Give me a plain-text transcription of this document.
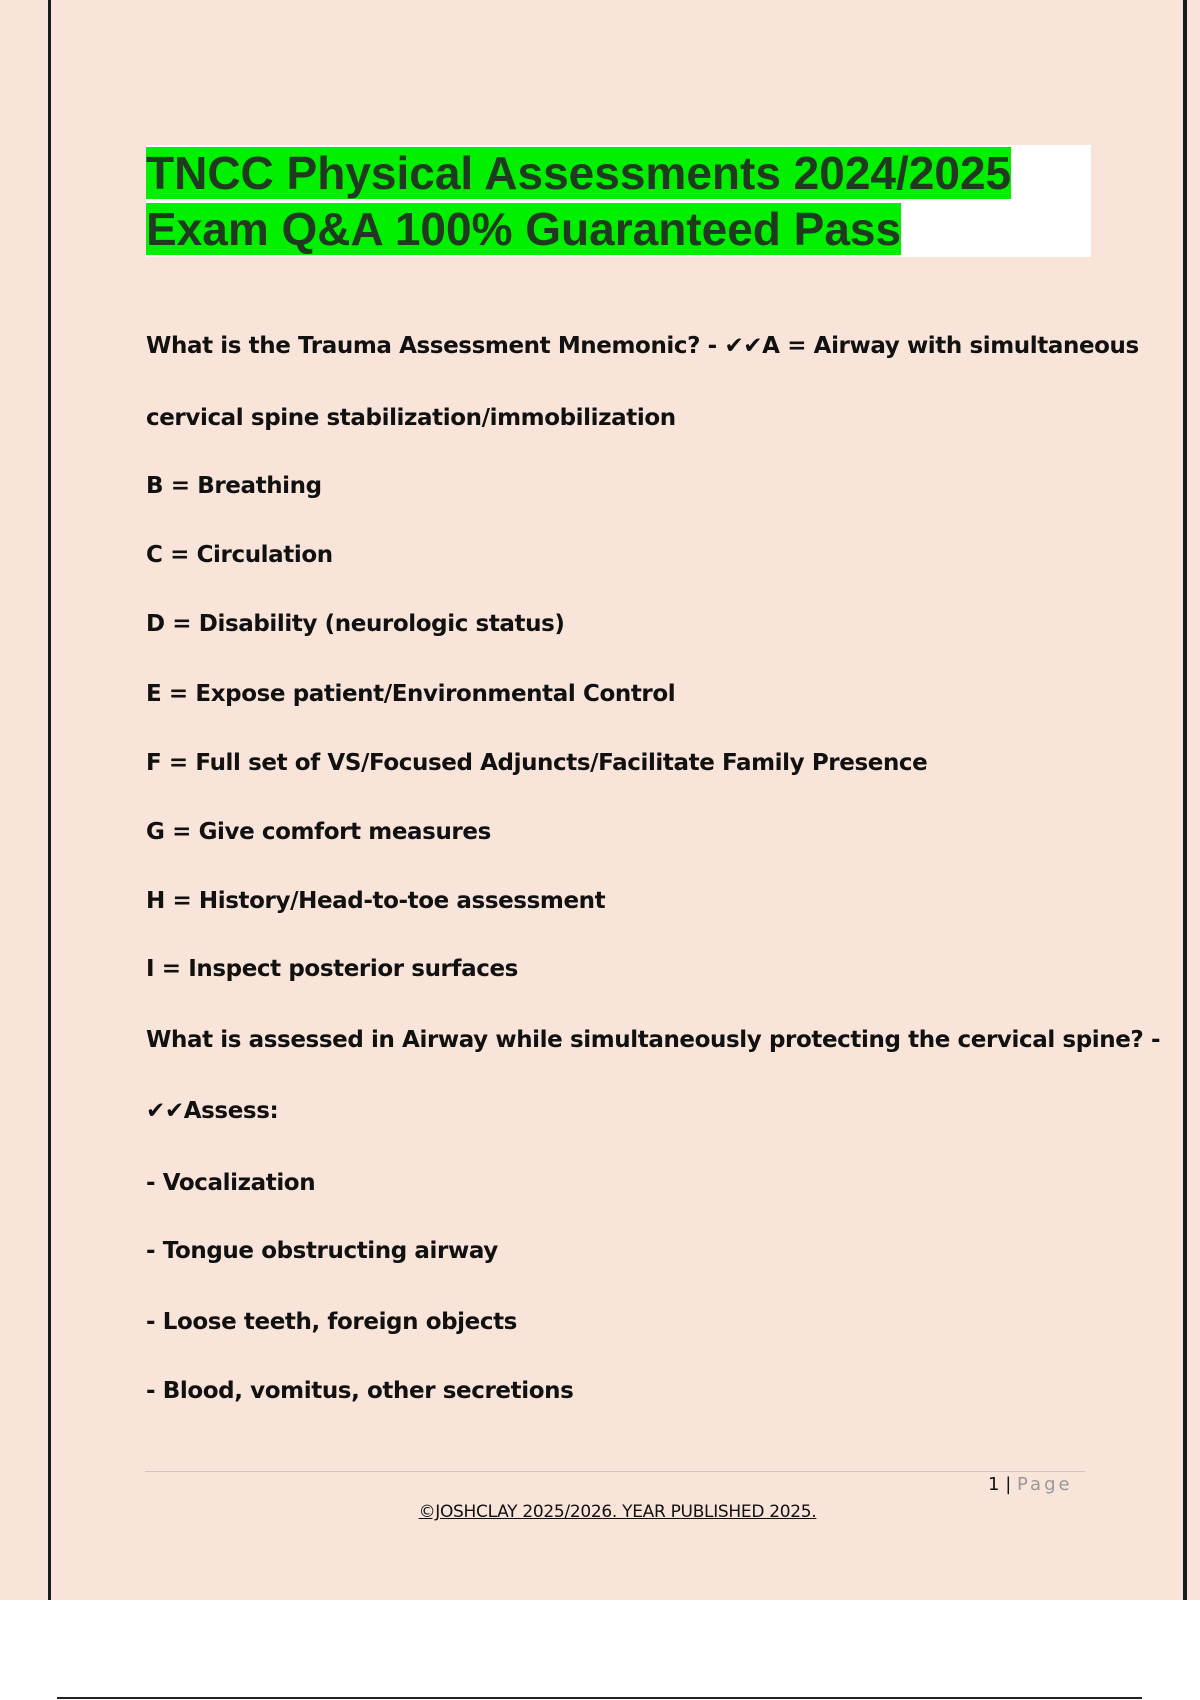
TNCC Physical Assessments 2024/2025
Exam Q&A 100% Guaranteed Pass
What is the Trauma Assessment Mnemonic? - ✔✔A = Airway with simultaneous
cervical spine stabilization/immobilization
B = Breathing
C = Circulation
D = Disability (neurologic status)
E = Expose patient/Environmental Control
F = Full set of VS/Focused Adjuncts/Facilitate Family Presence
G = Give comfort measures
H = History/Head-to-toe assessment
I = Inspect posterior surfaces
What is assessed in Airway while simultaneously protecting the cervical spine? -
✔✔Assess:
- Vocalization
- Tongue obstructing airway
- Loose teeth, foreign objects
- Blood, vomitus, other secretions
1 | Page
©JOSHCLAY 2025/2026. YEAR PUBLISHED 2025.
